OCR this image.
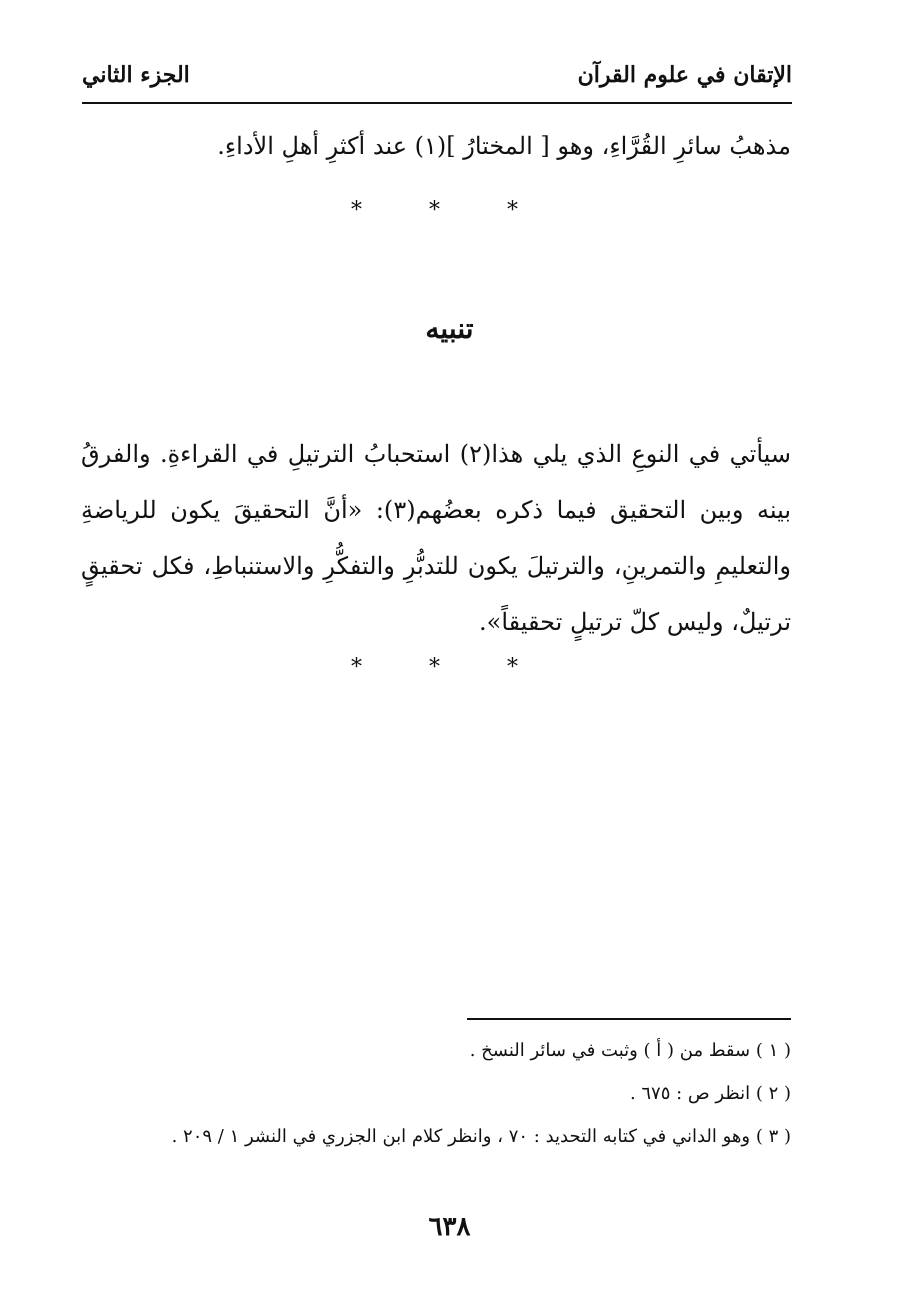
الإتقان في علوم القرآن
الجزء الثاني
مذهبُ سائرِ القُرَّاءِ، وهو [ المختارُ ](١) عند أكثرِ أهلِ الأداءِ.
* * *
تنبيه
سيأتي في النوعِ الذي يلي هذا(٢) استحبابُ الترتيلِ في القراءةِ. والفرقُ بينه وبين التحقيق فيما ذكره بعضُهم(٣): «أنَّ التحقيقَ يكون للرياضةِ والتعليمِ والتمرينِ، والترتيلَ يكون للتدبُّرِ والتفكُّرِ والاستنباطِ، فكل تحقيقٍ ترتيلٌ، وليس كلّ ترتيلٍ تحقيقاً».
* * *
( ١ ) سقط من ( أ ) وثبت في سائر النسخ .
( ٢ ) انظر ص : ٦٧٥ .
( ٣ ) وهو الداني في كتابه التحديد : ٧٠ ، وانظر كلام ابن الجزري في النشر ١ / ٢٠٩ .
٦٣٨
